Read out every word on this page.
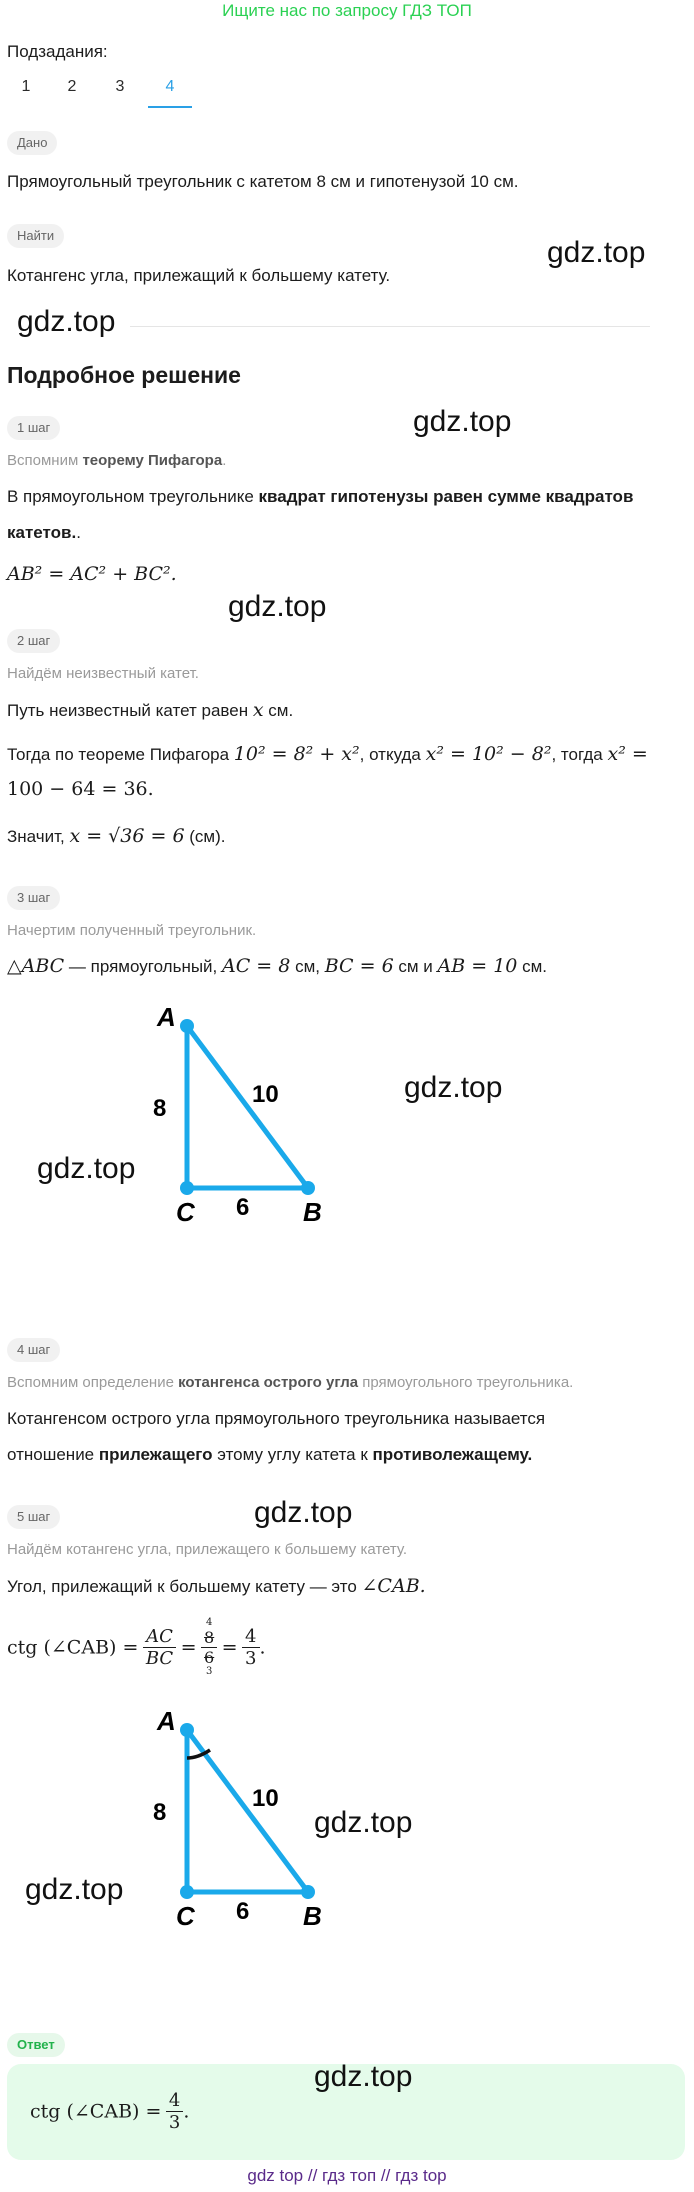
Ищите нас по запросу ГДЗ ТОП
Подзадания:
1	2	3	4
Дано
Прямоугольный треугольник с катетом 8 см и гипотенузой 10 см.
Найти
Котангенс угла, прилежащий к большему катету.
gdz.top
gdz.top
Подробное решение
1 шаг	gdz.top
Вспомним теорему Пифагора.
В прямоугольном треугольнике квадрат гипотенузы равен сумме квадратов
катетов..
AB² = AC² + BC².
gdz.top
2 шаг
Найдём неизвестный катет.
Путь неизвестный катет равен x см.
Тогда по теореме Пифагора 10² = 8² + x², откуда x² = 10² − 8², тогда x² =
100 − 64 = 36.
Значит, x = √36 = 6 (см).
3 шаг
Начертим полученный треугольник.
△ABC — прямоугольный, AC = 8 см, BC = 6 см и AB = 10 см.
A
C	B
8
6
10	gdz.top
gdz.top
4 шаг
Вспомним определение котангенса острого угла прямоугольного треугольника.
Котангенсом острого угла прямоугольного треугольника называется
отношение прилежащего этому углу катета к противолежащему.
5 шаг	gdz.top
Найдём котангенс угла, прилежащего к большему катету.
Угол, прилежащий к большему катету — это ∠CAB.
ctg (∠CAB) = $\frac{AC}{BC}$ =
4
8
6
3
= $\frac{4}{3}$ .
A
C	B
8
6
10
gdz.top
gdz.top
Ответ
gdz.top
ctg (∠CAB) = $\frac{4}{3}$ .
gdz top // гдз топ // гдз top
